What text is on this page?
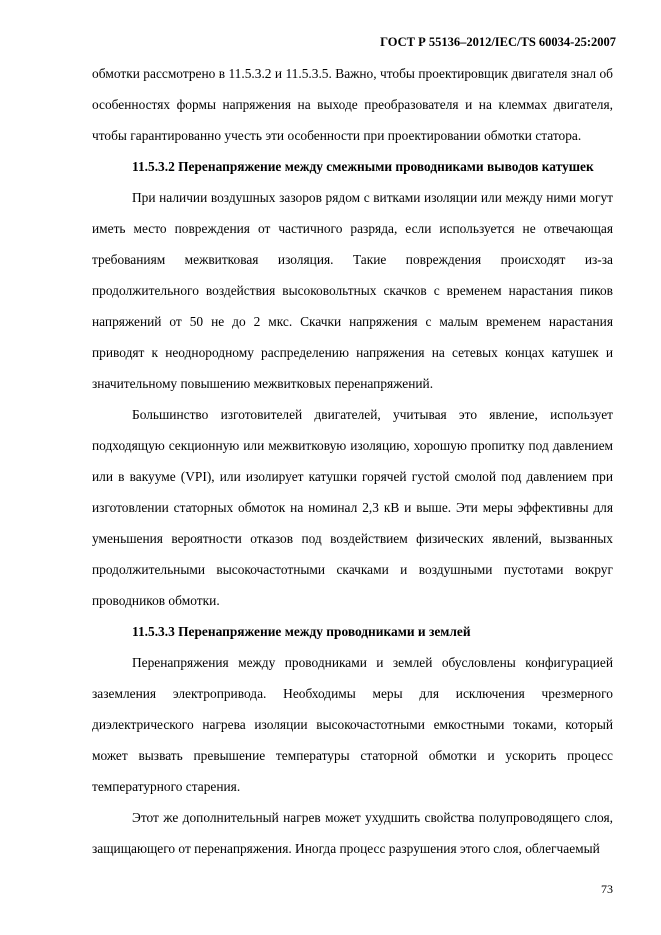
ГОСТ Р 55136–2012/IEC/TS 60034-25:2007

обмотки рассмотрено в 11.5.3.2 и 11.5.3.5. Важно, чтобы проектировщик двигателя знал об особенностях формы напряжения на выходе преобразователя и на клеммах двигателя, чтобы гарантированно учесть эти особенности при проектировании обмотки статора.

11.5.3.2 Перенапряжение между смежными проводниками выводов катушек

При наличии воздушных зазоров рядом с витками изоляции или между ними могут иметь место повреждения от частичного разряда, если используется не отвечающая требованиям межвитковая изоляция. Такие повреждения происходят из-за продолжительного воздействия высоковольтных скачков с временем нарастания пиков напряжений от 50 не до 2 мкс. Скачки напряжения с малым временем нарастания приводят к неоднородному распределению напряжения на сетевых концах катушек и значительному повышению межвитковых перенапряжений.

Большинство изготовителей двигателей, учитывая это явление, использует подходящую секционную или межвитковую изоляцию, хорошую пропитку под давлением или в вакууме (VPI), или изолирует катушки горячей густой смолой под давлением при изготовлении статорных обмоток на номинал 2,3 кВ и выше. Эти меры эффективны для уменьшения вероятности отказов под воздействием физических явлений, вызванных продолжительными высокочастотными скачками и воздушными пустотами вокруг проводников обмотки.

11.5.3.3 Перенапряжение между проводниками и землей

Перенапряжения между проводниками и землей обусловлены конфигурацией заземления электропривода. Необходимы меры для исключения чрезмерного диэлектрического нагрева изоляции высокочастотными емкостными токами, который может вызвать превышение температуры статорной обмотки и ускорить процесс температурного старения.

Этот же дополнительный нагрев может ухудшить свойства полупроводящего слоя, защищающего от перенапряжения. Иногда процесс разрушения этого слоя, облегчаемый

73
